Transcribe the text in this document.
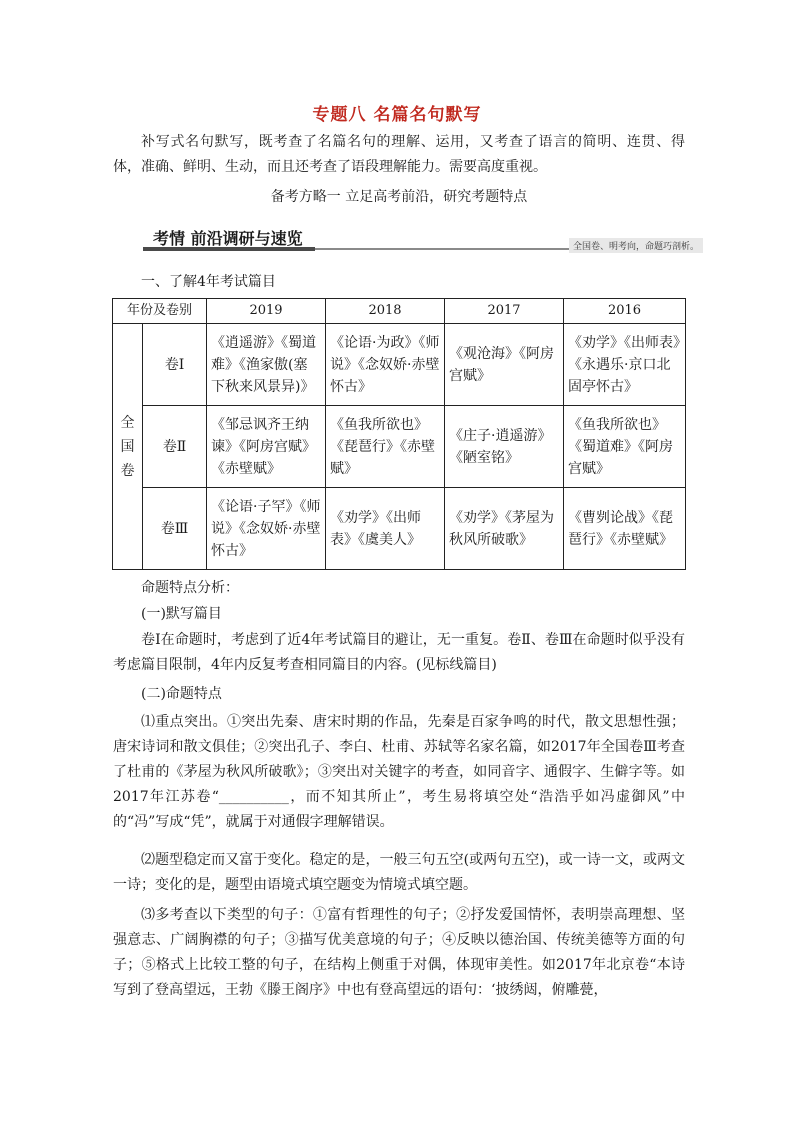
专题八 名篇名句默写
补写式名句默写，既考查了名篇名句的理解、运用，又考查了语言的简明、连贯、得体，准确、鲜明、生动，而且还考查了语段理解能力。需要高度重视。
备考方略一 立足高考前沿，研究考题特点
考情 前沿调研与速览	全国卷、明考向，命题巧剖析。
一、了解4年考试篇目
年份及卷别		2019	2018	2017	2016
全
国
卷	卷Ⅰ	《逍遥游》《蜀道难》《渔家傲(塞下秋来风景异)》	《论语·为政》《师说》《念奴娇·赤壁怀古》	《观沧海》《阿房宫赋》	《劝学》《出师表》《永遇乐·京口北固亭怀古》
	卷Ⅱ	《邹忌讽齐王纳谏》《阿房宫赋》《赤壁赋》	《鱼我所欲也》《琵琶行》《赤壁赋》	《庄子·逍遥游》《陋室铭》	《鱼我所欲也》《蜀道难》《阿房宫赋》
	卷Ⅲ	《论语·子罕》《师说》《念奴娇·赤壁怀古》	《劝学》《出师表》《虞美人》	《劝学》《茅屋为秋风所破歌》	《曹刿论战》《琵琶行》《赤壁赋》
命题特点分析：
(一)默写篇目
卷Ⅰ在命题时，考虑到了近4年考试篇目的避让，无一重复。卷Ⅱ、卷Ⅲ在命题时似乎没有考虑篇目限制，4年内反复考查相同篇目的内容。(见标线篇目)
(二)命题特点
⑴重点突出。①突出先秦、唐宋时期的作品，先秦是百家争鸣的时代，散文思想性强；唐宋诗词和散文俱佳；②突出孔子、李白、杜甫、苏轼等名家名篇，如2017年全国卷Ⅲ考查了杜甫的《茅屋为秋风所破歌》；③突出对关键字的考查，如同音字、通假字、生僻字等。如2017年江苏卷“__________，而不知其所止”，考生易将填空处“浩浩乎如冯虚御风”中的“冯”写成“凭”，就属于对通假字理解错误。
⑵题型稳定而又富于变化。稳定的是，一般三句五空(或两句五空)，或一诗一文，或两文一诗；变化的是，题型由语境式填空题变为情境式填空题。
⑶多考查以下类型的句子：①富有哲理性的句子；②抒发爱国情怀，表明崇高理想、坚强意志、广阔胸襟的句子；③描写优美意境的句子；④反映以德治国、传统美德等方面的句子；⑤格式上比较工整的句子，在结构上侧重于对偶，体现审美性。如2017年北京卷“本诗写到了登高望远，王勃《滕王阁序》中也有登高望远的语句：‘披绣闼，俯雕甍，
